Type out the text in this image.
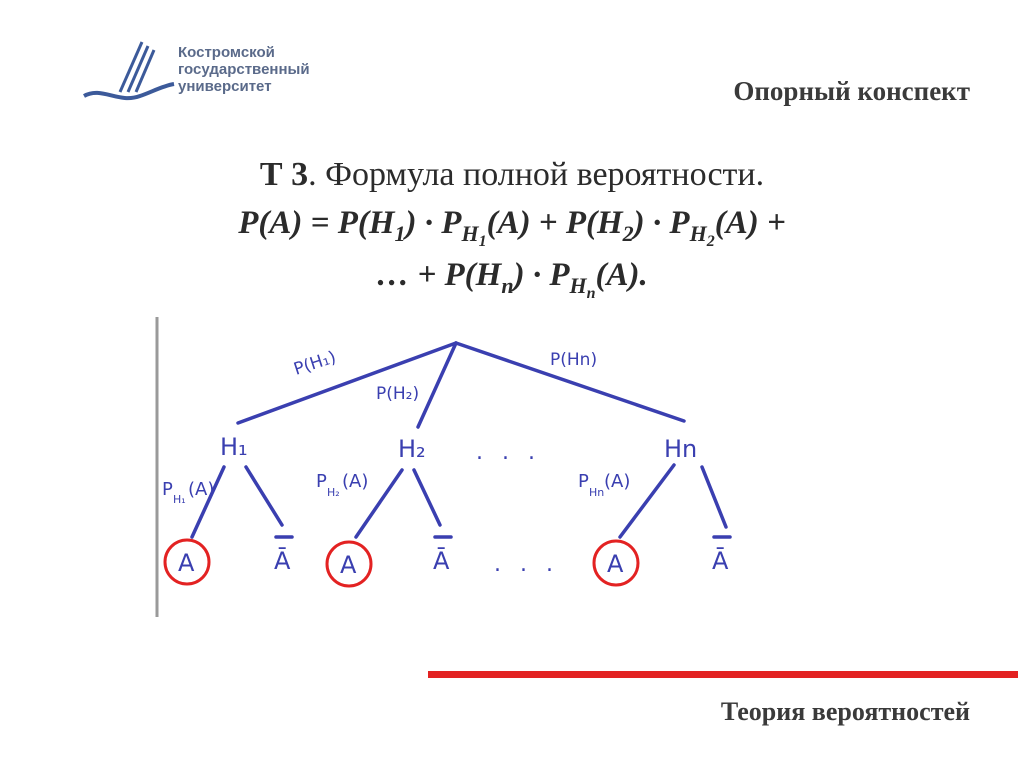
Костромской
государственный
университет	Опорный конспект
Т 3. Формула полной вероятности.
$P(A) = P(H_1) \cdot P_{H_1}(A) + P(H_2) \cdot P_{H_2}(A)$ +
… + $P(H_n) \cdot P_{H_n}(A)$.
P(H₁)
P(H₂)
P(Hn)
H₁	H₂	Hn
. . .
P H₁ (A)	P
H₂
(A)	P
Hn
(A)
A	Ā A	Ā	A	Ā
. . .
Теория вероятностей
